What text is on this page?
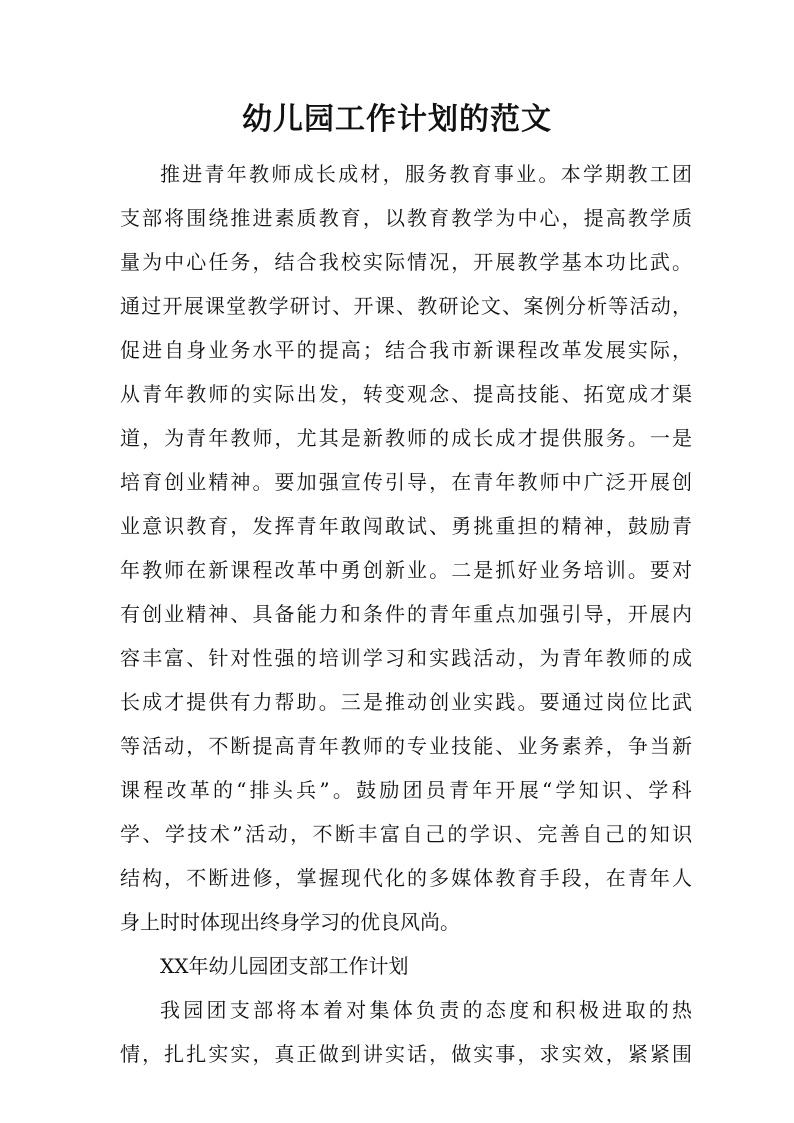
幼儿园工作计划的范文
推进青年教师成长成材，服务教育事业。本学期教工团
支部将围绕推进素质教育，以教育教学为中心，提高教学质
量为中心任务，结合我校实际情况，开展教学基本功比武。
通过开展课堂教学研讨、开课、教研论文、案例分析等活动，
促进自身业务水平的提高；结合我市新课程改革发展实际，
从青年教师的实际出发，转变观念、提高技能、拓宽成才渠
道，为青年教师，尤其是新教师的成长成才提供服务。一是
培育创业精神。要加强宣传引导，在青年教师中广泛开展创
业意识教育，发挥青年敢闯敢试、勇挑重担的精神，鼓励青
年教师在新课程改革中勇创新业。二是抓好业务培训。要对
有创业精神、具备能力和条件的青年重点加强引导，开展内
容丰富、针对性强的培训学习和实践活动，为青年教师的成
长成才提供有力帮助。三是推动创业实践。要通过岗位比武
等活动，不断提高青年教师的专业技能、业务素养，争当新
课程改革的“排头兵”。鼓励团员青年开展“学知识、学科
学、学技术”活动，不断丰富自己的学识、完善自己的知识
结构，不断进修，掌握现代化的多媒体教育手段，在青年人
身上时时体现出终身学习的优良风尚。
XX年幼儿园团支部工作计划
我园团支部将本着对集体负责的态度和积极进取的热
情，扎扎实实，真正做到讲实话，做实事，求实效，紧紧围
